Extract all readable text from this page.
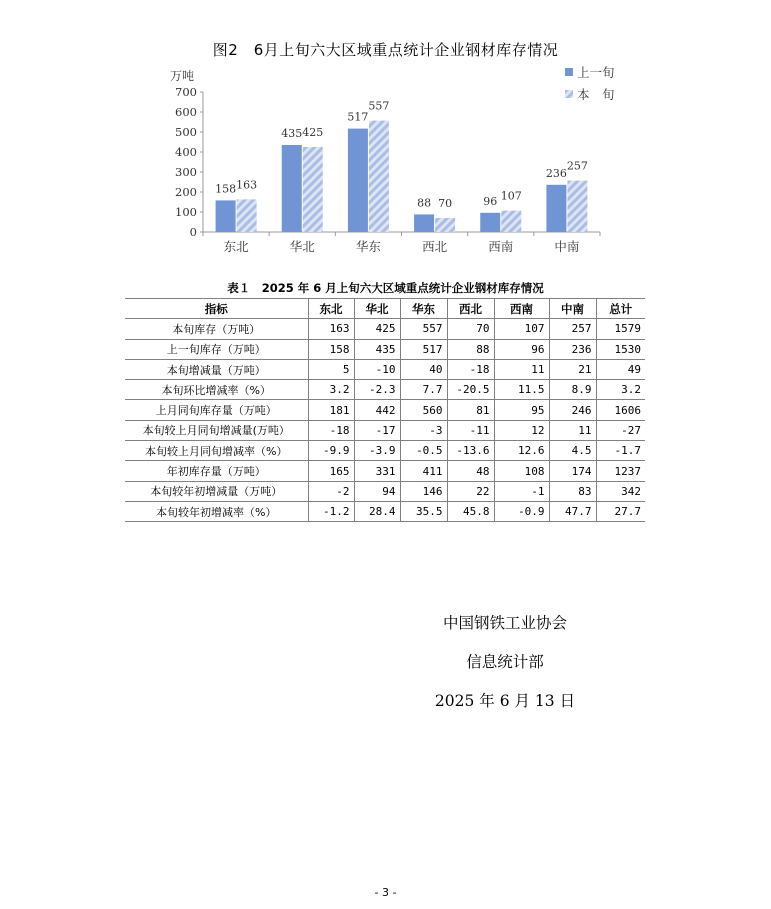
图2　6月上旬六大区域重点统计企业钢材库存情况
万吨
0
100
200
300
400
500
600
700
东北
158 163
华北
435 425
华东
517
557
西北
88 70
西南
96 107
中南
236
257
上一旬
本　旬
表１　2025 年 6 月上旬六大区域重点统计企业钢材库存情况
指标	东北	华北	华东	西北	西南	中南	总计
本旬库存（万吨）	163	425	557	70	107	257	1579
上一旬库存（万吨）	158	435	517	88	96	236	1530
本旬增减量（万吨）	5	-10	40	-18	11	21	49
本旬环比增减率（%）	3.2	-2.3	7.7	-20.5	11.5	8.9	3.2
上月同旬库存量（万吨）	181	442	560	81	95	246	1606
本旬较上月同旬增减量(万吨）	-18	-17	-3	-11	12	11	-27
本旬较上月同旬增减率（%）	-9.9	-3.9	-0.5	-13.6	12.6	4.5	-1.7
年初库存量（万吨）	165	331	411	48	108	174	1237
本旬较年初增减量（万吨）	-2	94	146	22	-1	83	342
本旬较年初增减率（%）	-1.2	28.4	35.5	45.8	-0.9	47.7	27.7
中国钢铁工业协会
信息统计部
2025 年 6 月 13 日
- 3 -
